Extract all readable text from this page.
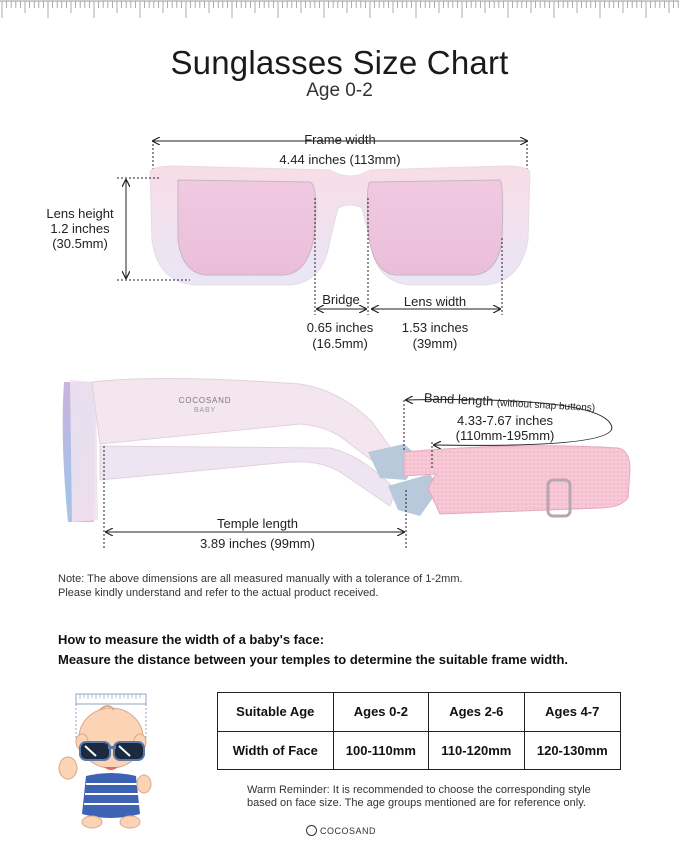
Sunglasses Size Chart
Age 0-2
Frame width
4.44 inches (113mm)
Lens height
1.2 inches
(30.5mm)
Bridge
0.65 inches
(16.5mm)
Lens width
1.53 inches
(39mm)
COCOSAND
BABY
Band length (without snap buttons)
4.33-7.67 inches
(110mm-195mm)
Temple length
3.89 inches (99mm)
Note: The above dimensions are all measured manually with a tolerance of 1-2mm.
Please kindly understand and refer to the actual product received.
How to measure the width of a baby's face:
Measure the distance between your temples to determine the suitable frame width.
Suitable Age	Ages 0-2	Ages 2-6	Ages 4-7
Width of Face	100-110mm	110-120mm	120-130mm
Warm Reminder: It is recommended to choose the corresponding style
based on face size. The age groups mentioned are for reference only.
COCOSAND
